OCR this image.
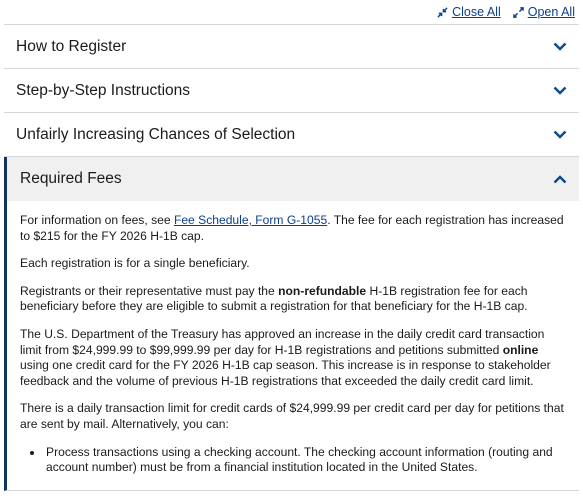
Close All Open All
How to Register
Step-by-Step Instructions
Unfairly Increasing Chances of Selection
Required Fees

For information on fees, see Fee Schedule, Form G-1055. The fee for each registration has increased to $215 for the FY 2026 H-1B cap.

Each registration is for a single beneficiary.

Registrants or their representative must pay the non-refundable H-1B registration fee for each beneficiary before they are eligible to submit a registration for that beneficiary for the H-1B cap.

The U.S. Department of the Treasury has approved an increase in the daily credit card transaction limit from $24,999.99 to $99,999.99 per day for H-1B registrations and petitions submitted online using one credit card for the FY 2026 H-1B cap season. This increase is in response to stakeholder feedback and the volume of previous H-1B registrations that exceeded the daily credit card limit.

There is a daily transaction limit for credit cards of $24,999.99 per credit card per day for petitions that are sent by mail. Alternatively, you can:

• Process transactions using a checking account. The checking account information (routing and account number) must be from a financial institution located in the United States.
